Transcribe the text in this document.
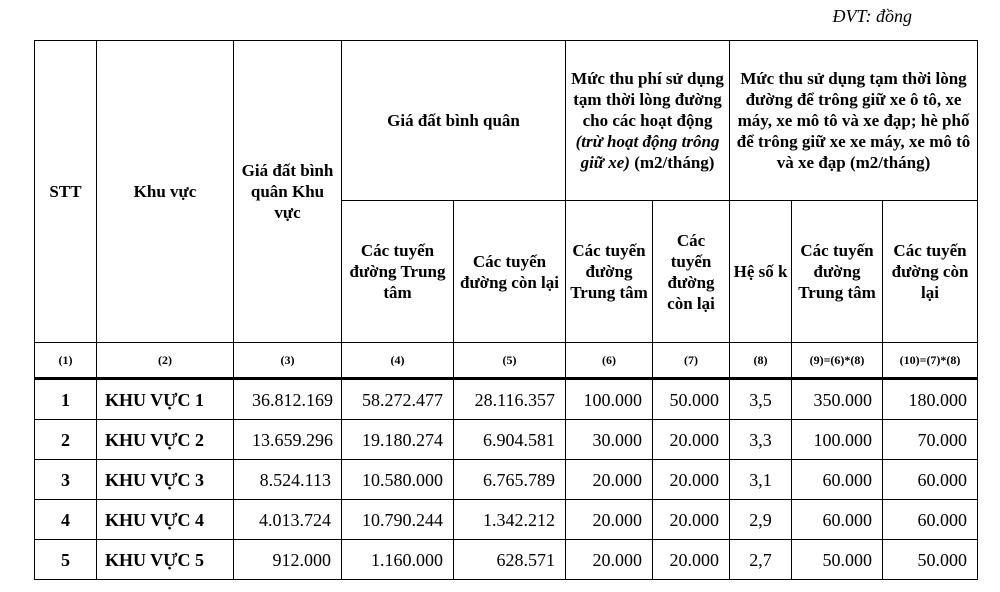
ĐVT: đồng
STT	Khu vực	Giá đất bình quân Khu vực	Giá đất bình quân		Mức thu phí sử dụng tạm thời lòng đường cho các hoạt động (trừ hoạt động trông giữ xe) (m2/tháng)		Mức thu sử dụng tạm thời lòng đường để trông giữ xe ô tô, xe máy, xe mô tô và xe đạp; hè phố để trông giữ xe xe máy, xe mô tô và xe đạp (m2/tháng)		
			Các tuyến đường Trung tâm	Các tuyến đường còn lại	Các tuyến đường Trung tâm	Các tuyến đường còn lại	Hệ số k	Các tuyến đường Trung tâm	Các tuyến đường còn lại
(1)	(2)	(3)	(4)	(5)	(6)	(7)	(8)	(9)=(6)*(8)	(10)=(7)*(8)
1	KHU VỰC 1	36.812.169	58.272.477	28.116.357	100.000	50.000	3,5	350.000	180.000
2	KHU VỰC 2	13.659.296	19.180.274	6.904.581	30.000	20.000	3,3	100.000	70.000
3	KHU VỰC 3	8.524.113	10.580.000	6.765.789	20.000	20.000	3,1	60.000	60.000
4	KHU VỰC 4	4.013.724	10.790.244	1.342.212	20.000	20.000	2,9	60.000	60.000
5	KHU VỰC 5	912.000	1.160.000	628.571	20.000	20.000	2,7	50.000	50.000
